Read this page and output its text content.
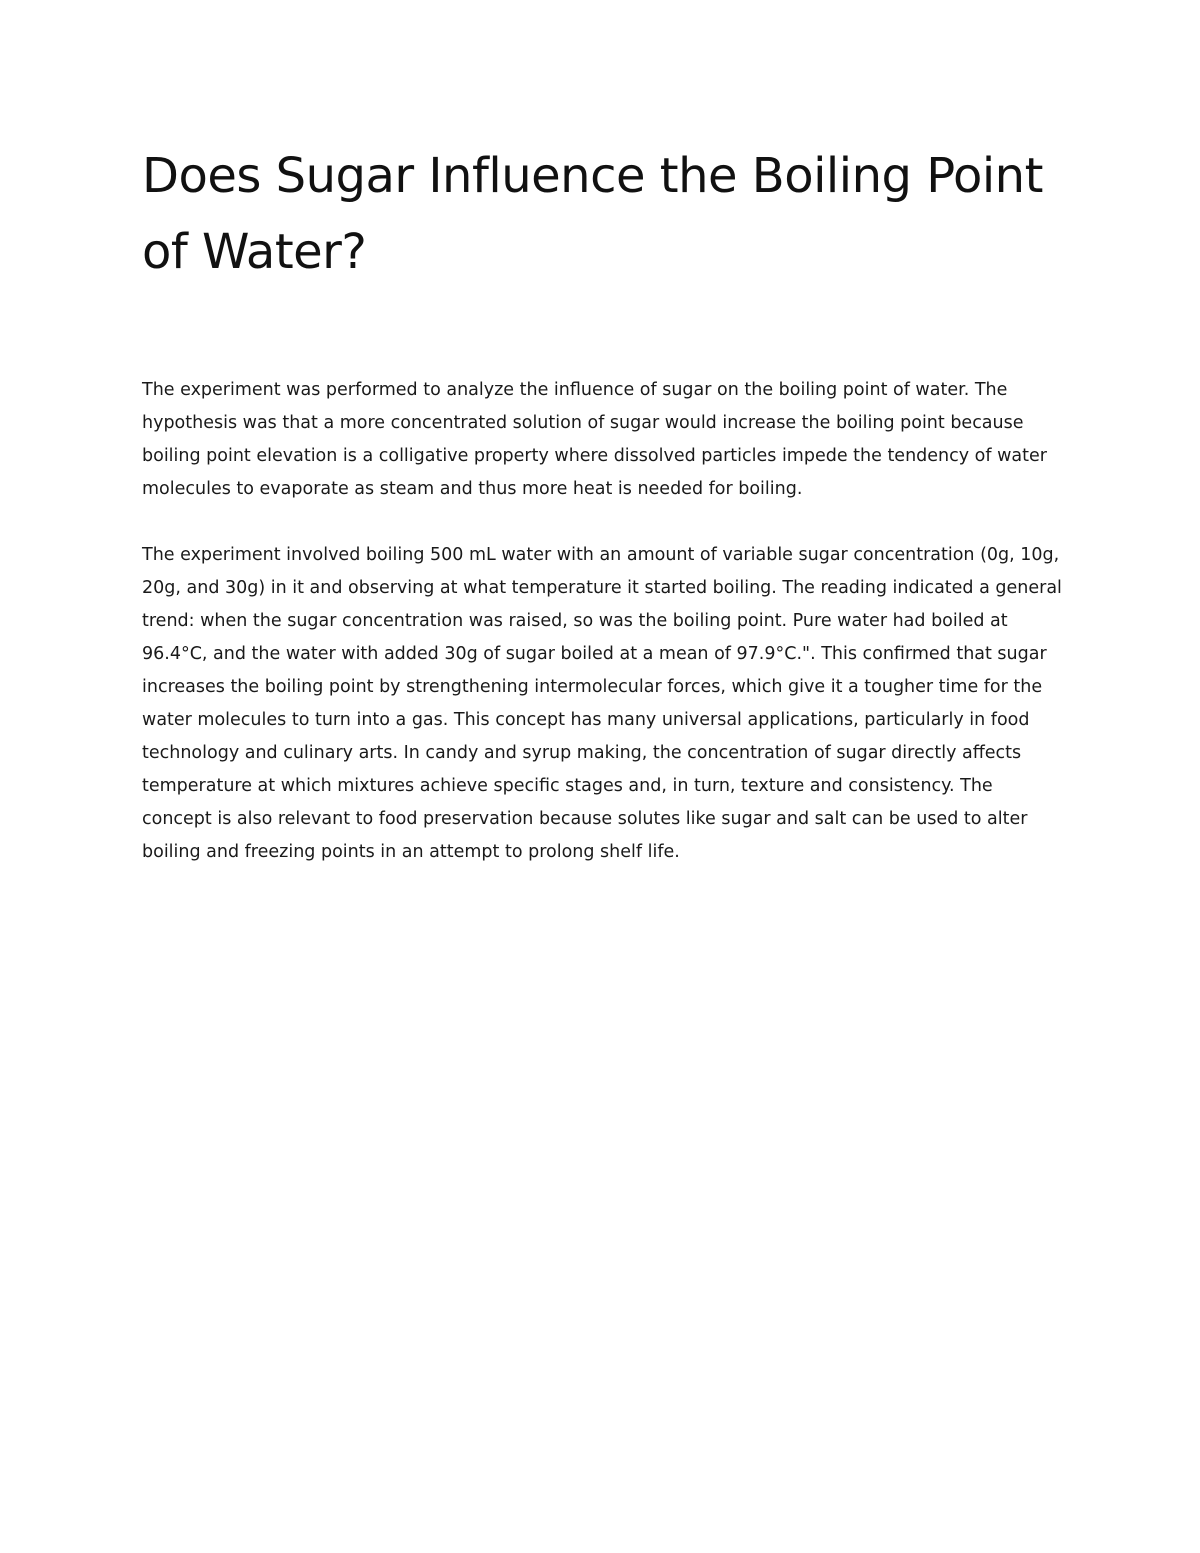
Does Sugar Influence the Boiling Point of Water?

The experiment was performed to analyze the influence of sugar on the boiling point of water. The hypothesis was that a more concentrated solution of sugar would increase the boiling point because boiling point elevation is a colligative property where dissolved particles impede the tendency of water molecules to evaporate as steam and thus more heat is needed for boiling.

The experiment involved boiling 500 mL water with an amount of variable sugar concentration (0g, 10g, 20g, and 30g) in it and observing at what temperature it started boiling. The reading indicated a general trend: when the sugar concentration was raised, so was the boiling point. Pure water had boiled at 96.4°C, and the water with added 30g of sugar boiled at a mean of 97.9°C.". This confirmed that sugar increases the boiling point by strengthening intermolecular forces, which give it a tougher time for the water molecules to turn into a gas. This concept has many universal applications, particularly in food technology and culinary arts. In candy and syrup making, the concentration of sugar directly affects temperature at which mixtures achieve specific stages and, in turn, texture and consistency. The concept is also relevant to food preservation because solutes like sugar and salt can be used to alter boiling and freezing points in an attempt to prolong shelf life.
